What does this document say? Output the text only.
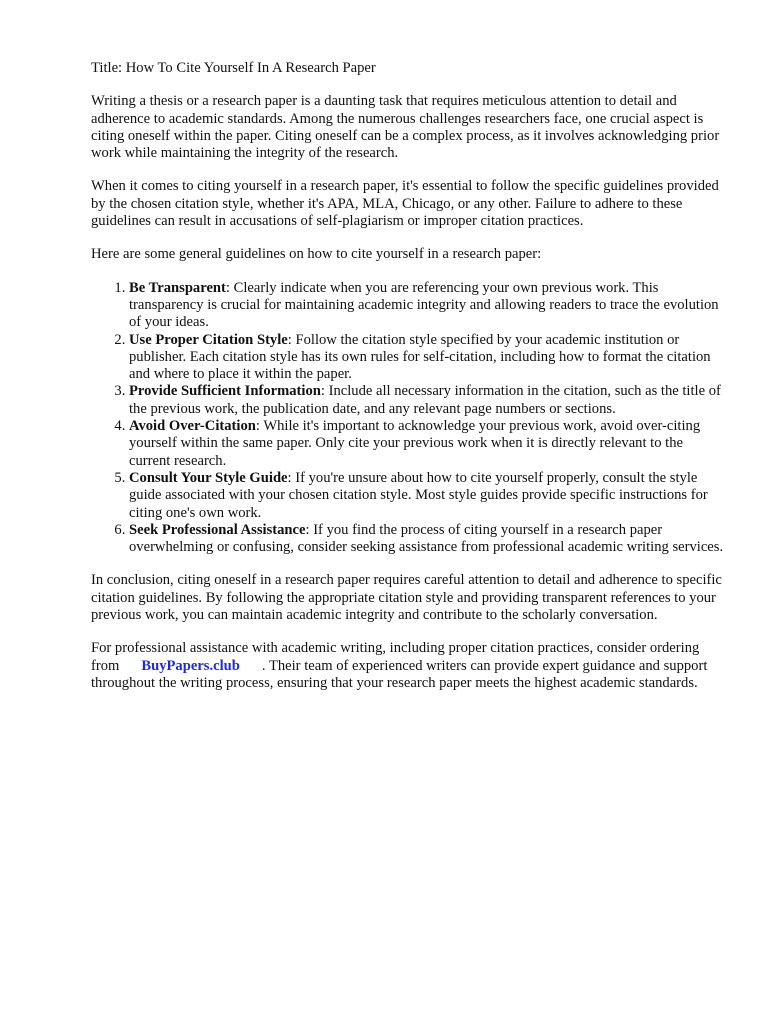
Title: How To Cite Yourself In A Research Paper

Writing a thesis or a research paper is a daunting task that requires meticulous attention to detail and adherence to academic standards. Among the numerous challenges researchers face, one crucial aspect is citing oneself within the paper. Citing oneself can be a complex process, as it involves acknowledging prior work while maintaining the integrity of the research.

When it comes to citing yourself in a research paper, it's essential to follow the specific guidelines provided by the chosen citation style, whether it's APA, MLA, Chicago, or any other. Failure to adhere to these guidelines can result in accusations of self-plagiarism or improper citation practices.

Here are some general guidelines on how to cite yourself in a research paper:

1. Be Transparent: Clearly indicate when you are referencing your own previous work. This transparency is crucial for maintaining academic integrity and allowing readers to trace the evolution of your ideas.
2. Use Proper Citation Style: Follow the citation style specified by your academic institution or publisher. Each citation style has its own rules for self-citation, including how to format the citation and where to place it within the paper.
3. Provide Sufficient Information: Include all necessary information in the citation, such as the title of the previous work, the publication date, and any relevant page numbers or sections.
4. Avoid Over-Citation: While it's important to acknowledge your previous work, avoid over-citing yourself within the same paper. Only cite your previous work when it is directly relevant to the current research.
5. Consult Your Style Guide: If you're unsure about how to cite yourself properly, consult the style guide associated with your chosen citation style. Most style guides provide specific instructions for citing one's own work.
6. Seek Professional Assistance: If you find the process of citing yourself in a research paper overwhelming or confusing, consider seeking assistance from professional academic writing services.

In conclusion, citing oneself in a research paper requires careful attention to detail and adherence to specific citation guidelines. By following the appropriate citation style and providing transparent references to your previous work, you can maintain academic integrity and contribute to the scholarly conversation.

For professional assistance with academic writing, including proper citation practices, consider ordering from BuyPapers.club . Their team of experienced writers can provide expert guidance and support throughout the writing process, ensuring that your research paper meets the highest academic standards.
